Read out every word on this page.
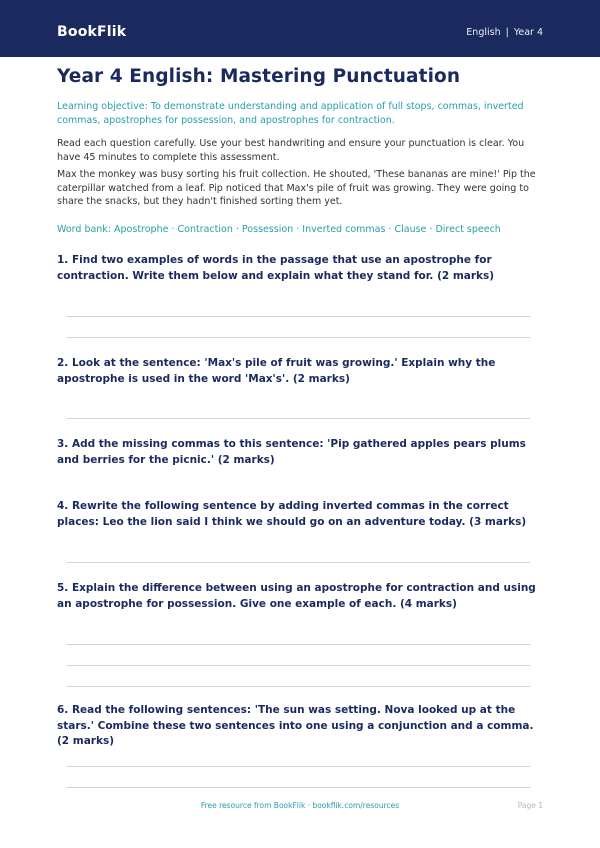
BookFlik	English | Year 4
Year 4 English: Mastering Punctuation

Learning objective: To demonstrate understanding and application of full stops, commas, inverted commas, apostrophes for possession, and apostrophes for contraction.

Read each question carefully. Use your best handwriting and ensure your punctuation is clear. You have 45 minutes to complete this assessment.

Max the monkey was busy sorting his fruit collection. He shouted, 'These bananas are mine!' Pip the caterpillar watched from a leaf. Pip noticed that Max's pile of fruit was growing. They were going to share the snacks, but they hadn't finished sorting them yet.

Word bank: Apostrophe · Contraction · Possession · Inverted commas · Clause · Direct speech

1. Find two examples of words in the passage that use an apostrophe for contraction. Write them below and explain what they stand for. (2 marks)

2. Look at the sentence: 'Max's pile of fruit was growing.' Explain why the apostrophe is used in the word 'Max's'. (2 marks)

3. Add the missing commas to this sentence: 'Pip gathered apples pears plums and berries for the picnic.' (2 marks)

4. Rewrite the following sentence by adding inverted commas in the correct places: Leo the lion said I think we should go on an adventure today. (3 marks)

5. Explain the difference between using an apostrophe for contraction and using an apostrophe for possession. Give one example of each. (4 marks)

6. Read the following sentences: 'The sun was setting. Nova looked up at the stars.' Combine these two sentences into one using a conjunction and a comma. (2 marks)

Free resource from BookFlik · bookflik.com/resources	Page 1
